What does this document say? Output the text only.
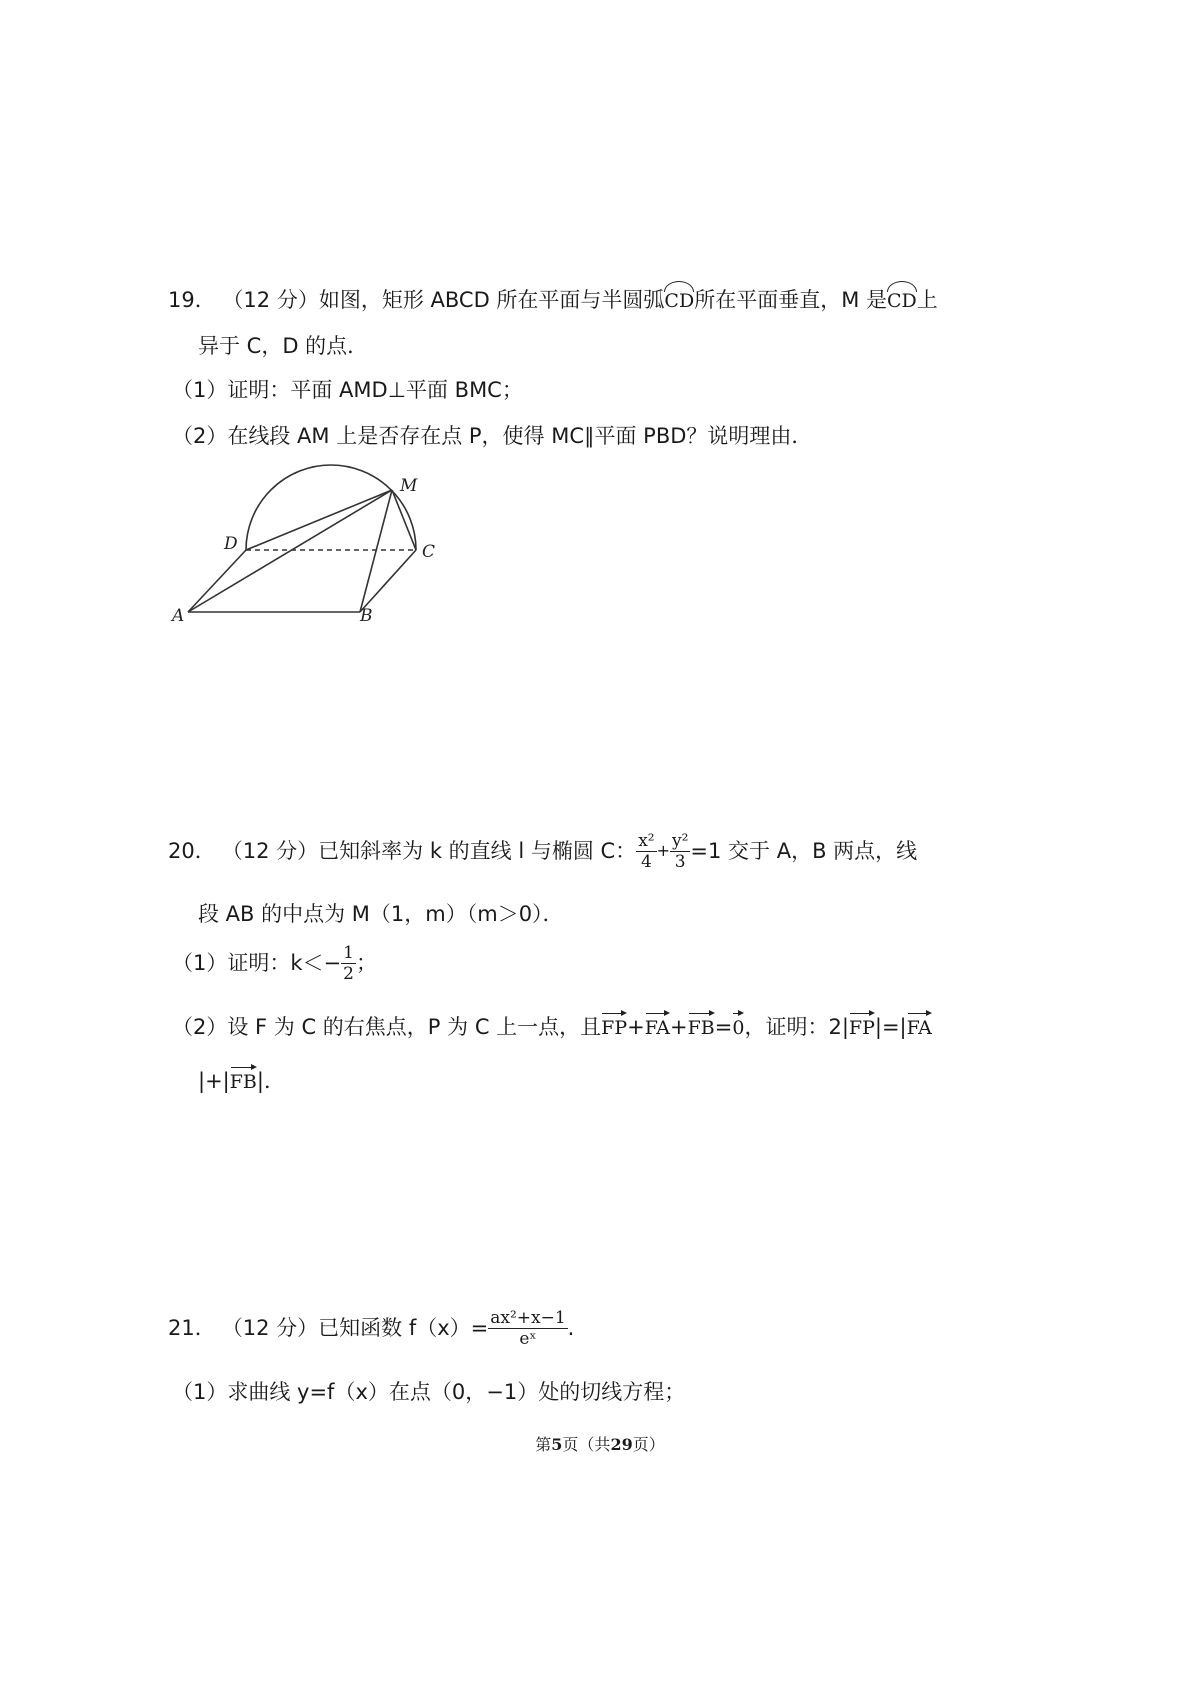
19． （12 分）如图，矩形 ABCD 所在平面与半圆弧CD所在平面垂直，M 是CD上
异于 C，D 的点．
（1）证明：平面 AMD⊥平面 BMC；
（2）在线段 AM 上是否存在点 P，使得 MC∥平面 PBD？说明理由．
M
D	C
A	B
20． （12 分） 已知斜率为 k 的直线 l 与椭圆 C： $\frac{\text{x²}}{4} + \frac{\text{y²}}{3} =1$ 交于 A，B 两点，线
段 AB 的中点为 M（1，m）（m＞0）．
（1）证明：$k< - \frac{1}{2}$ ；
（2）设 F 为 C 的右焦点，P 为 C 上一点，且FP+FA+FB=0，证明：2|FP|=|FA
|+|FB|．
21． （12 分） 已知函数 $f(x)= \frac{\text{ax²+x−1}}{\text{eˣ}}$ .
（1）求曲线 y=f（x）在点（0，−1）处的切线方程；
第5页（共29页）
